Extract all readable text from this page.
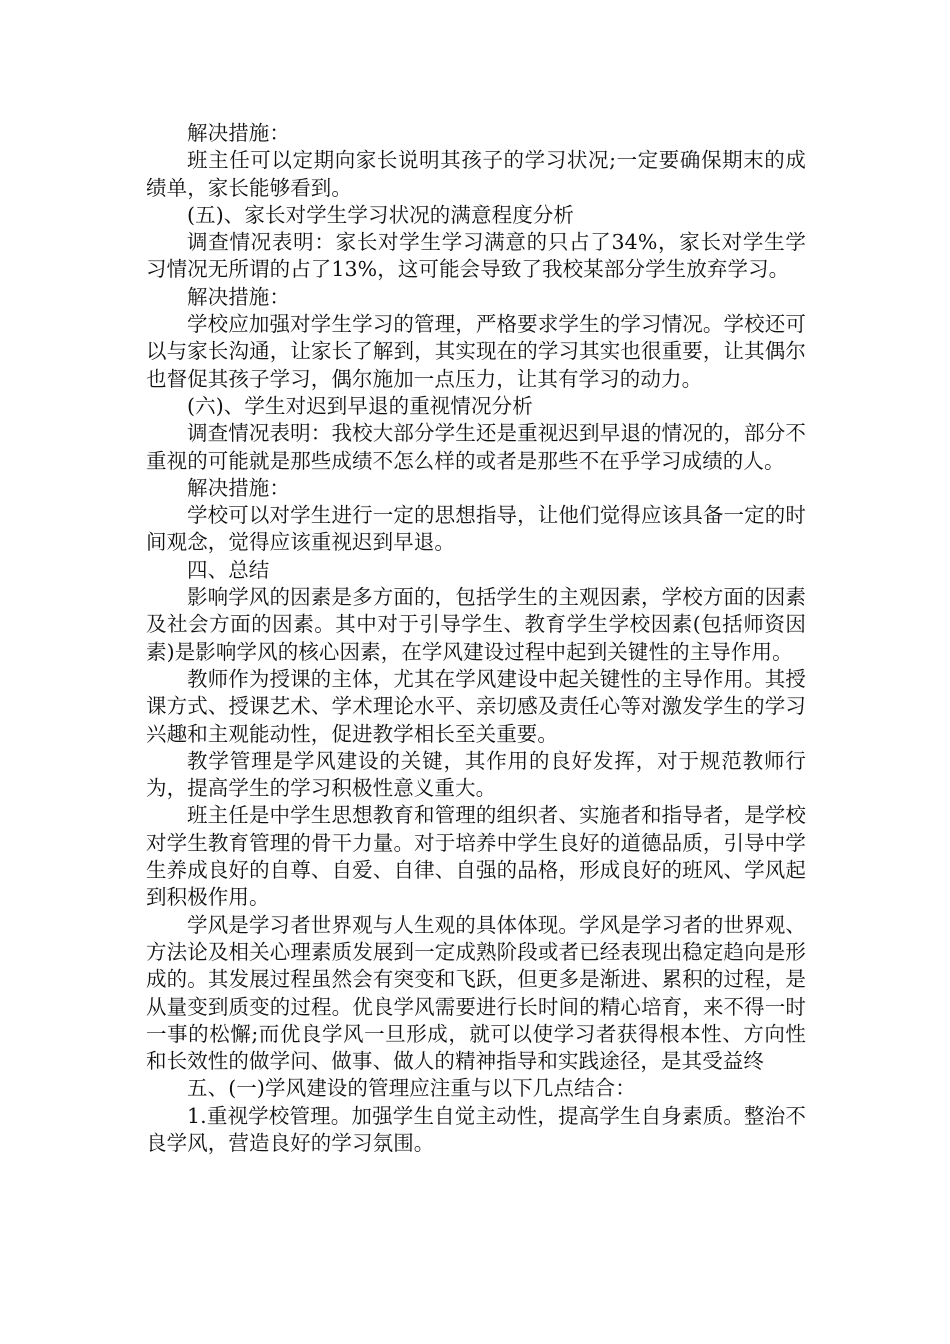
解决措施：

班主任可以定期向家长说明其孩子的学习状况;一定要确保期末的成绩单，家长能够看到。

(五)、家长对学生学习状况的满意程度分析

调查情况表明：家长对学生学习满意的只占了34%，家长对学生学习情况无所谓的占了13%，这可能会导致了我校某部分学生放弃学习。

解决措施：

学校应加强对学生学习的管理，严格要求学生的学习情况。学校还可以与家长沟通，让家长了解到，其实现在的学习其实也很重要，让其偶尔也督促其孩子学习，偶尔施加一点压力，让其有学习的动力。

(六)、学生对迟到早退的重视情况分析

调查情况表明：我校大部分学生还是重视迟到早退的情况的，部分不重视的可能就是那些成绩不怎么样的或者是那些不在乎学习成绩的人。

解决措施：

学校可以对学生进行一定的思想指导，让他们觉得应该具备一定的时间观念，觉得应该重视迟到早退。

四、总结

影响学风的因素是多方面的，包括学生的主观因素，学校方面的因素及社会方面的因素。其中对于引导学生、教育学生学校因素(包括师资因素)是影响学风的核心因素，在学风建设过程中起到关键性的主导作用。

教师作为授课的主体，尤其在学风建设中起关键性的主导作用。其授课方式、授课艺术、学术理论水平、亲切感及责任心等对激发学生的学习兴趣和主观能动性，促进教学相长至关重要。

教学管理是学风建设的关键，其作用的良好发挥，对于规范教师行为，提高学生的学习积极性意义重大。

班主任是中学生思想教育和管理的组织者、实施者和指导者，是学校对学生教育管理的骨干力量。对于培养中学生良好的道德品质，引导中学生养成良好的自尊、自爱、自律、自强的品格，形成良好的班风、学风起到积极作用。

学风是学习者世界观与人生观的具体体现。学风是学习者的世界观、方法论及相关心理素质发展到一定成熟阶段或者已经表现出稳定趋向是形成的。其发展过程虽然会有突变和飞跃，但更多是渐进、累积的过程，是从量变到质变的过程。优良学风需要进行长时间的精心培育，来不得一时一事的松懈;而优良学风一旦形成，就可以使学习者获得根本性、方向性和长效性的做学问、做事、做人的精神指导和实践途径，是其受益终

五、(一)学风建设的管理应注重与以下几点结合：

1.重视学校管理。加强学生自觉主动性，提高学生自身素质。整治不良学风，营造良好的学习氛围。
